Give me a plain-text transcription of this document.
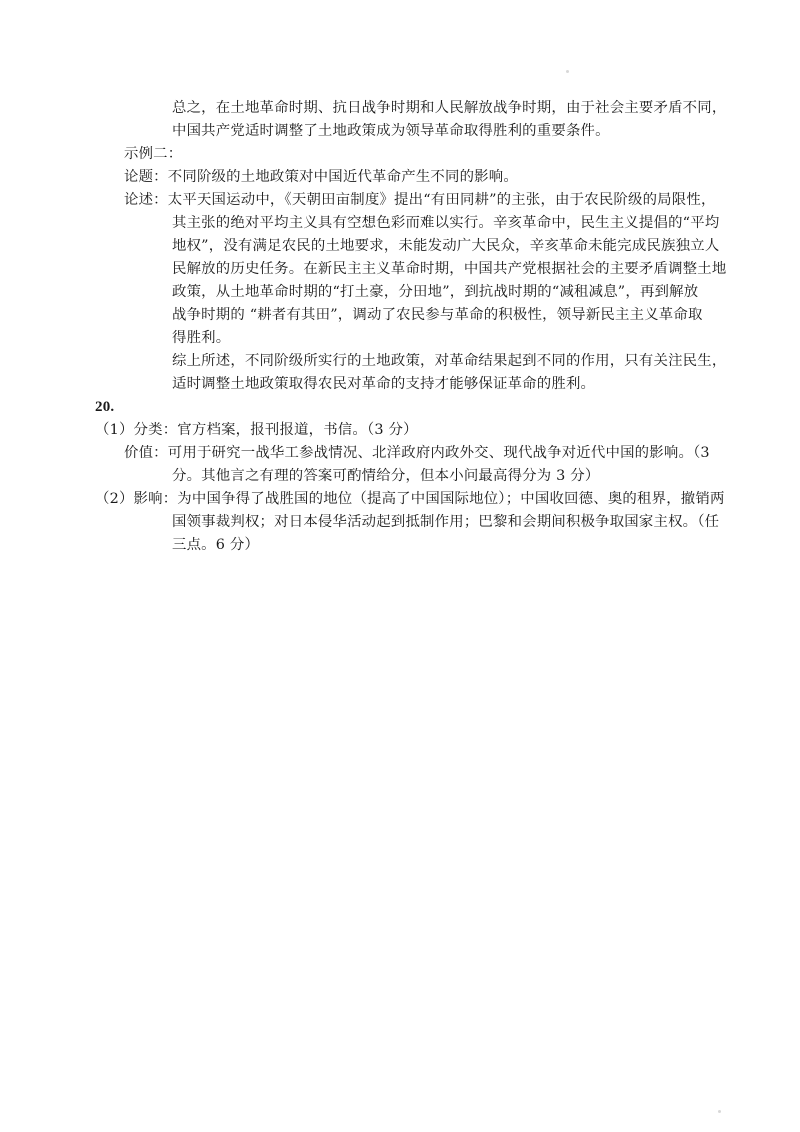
总之，在土地革命时期、抗日战争时期和人民解放战争时期，由于社会主要矛盾不同，
中国共产党适时调整了土地政策成为领导革命取得胜利的重要条件。
示例二：
论题：不同阶级的土地政策对中国近代革命产生不同的影响。
论述：太平天国运动中，《天朝田亩制度》提出“有田同耕”的主张，由于农民阶级的局限性，
其主张的绝对平均主义具有空想色彩而难以实行。辛亥革命中，民生主义提倡的“平均
地权”，没有满足农民的土地要求，未能发动广大民众，辛亥革命未能完成民族独立人
民解放的历史任务。在新民主主义革命时期，中国共产党根据社会的主要矛盾调整土地
政策，从土地革命时期的“打土豪，分田地”，到抗战时期的“减租减息”，再到解放
战争时期的 “耕者有其田”，调动了农民参与革命的积极性，领导新民主主义革命取
得胜利。
综上所述，不同阶级所实行的土地政策，对革命结果起到不同的作用，只有关注民生，
适时调整土地政策取得农民对革命的支持才能够保证革命的胜利。
20.
（1）分类：官方档案，报刊报道，书信。（3 分）
价值：可用于研究一战华工参战情况、北洋政府内政外交、现代战争对近代中国的影响。（3
分。其他言之有理的答案可酌情给分，但本小问最高得分为 3 分）
（2）影响：为中国争得了战胜国的地位（提高了中国国际地位）；中国收回德、奥的租界，撤销两
国领事裁判权；对日本侵华活动起到抵制作用；巴黎和会期间积极争取国家主权。（任
三点。6 分）
